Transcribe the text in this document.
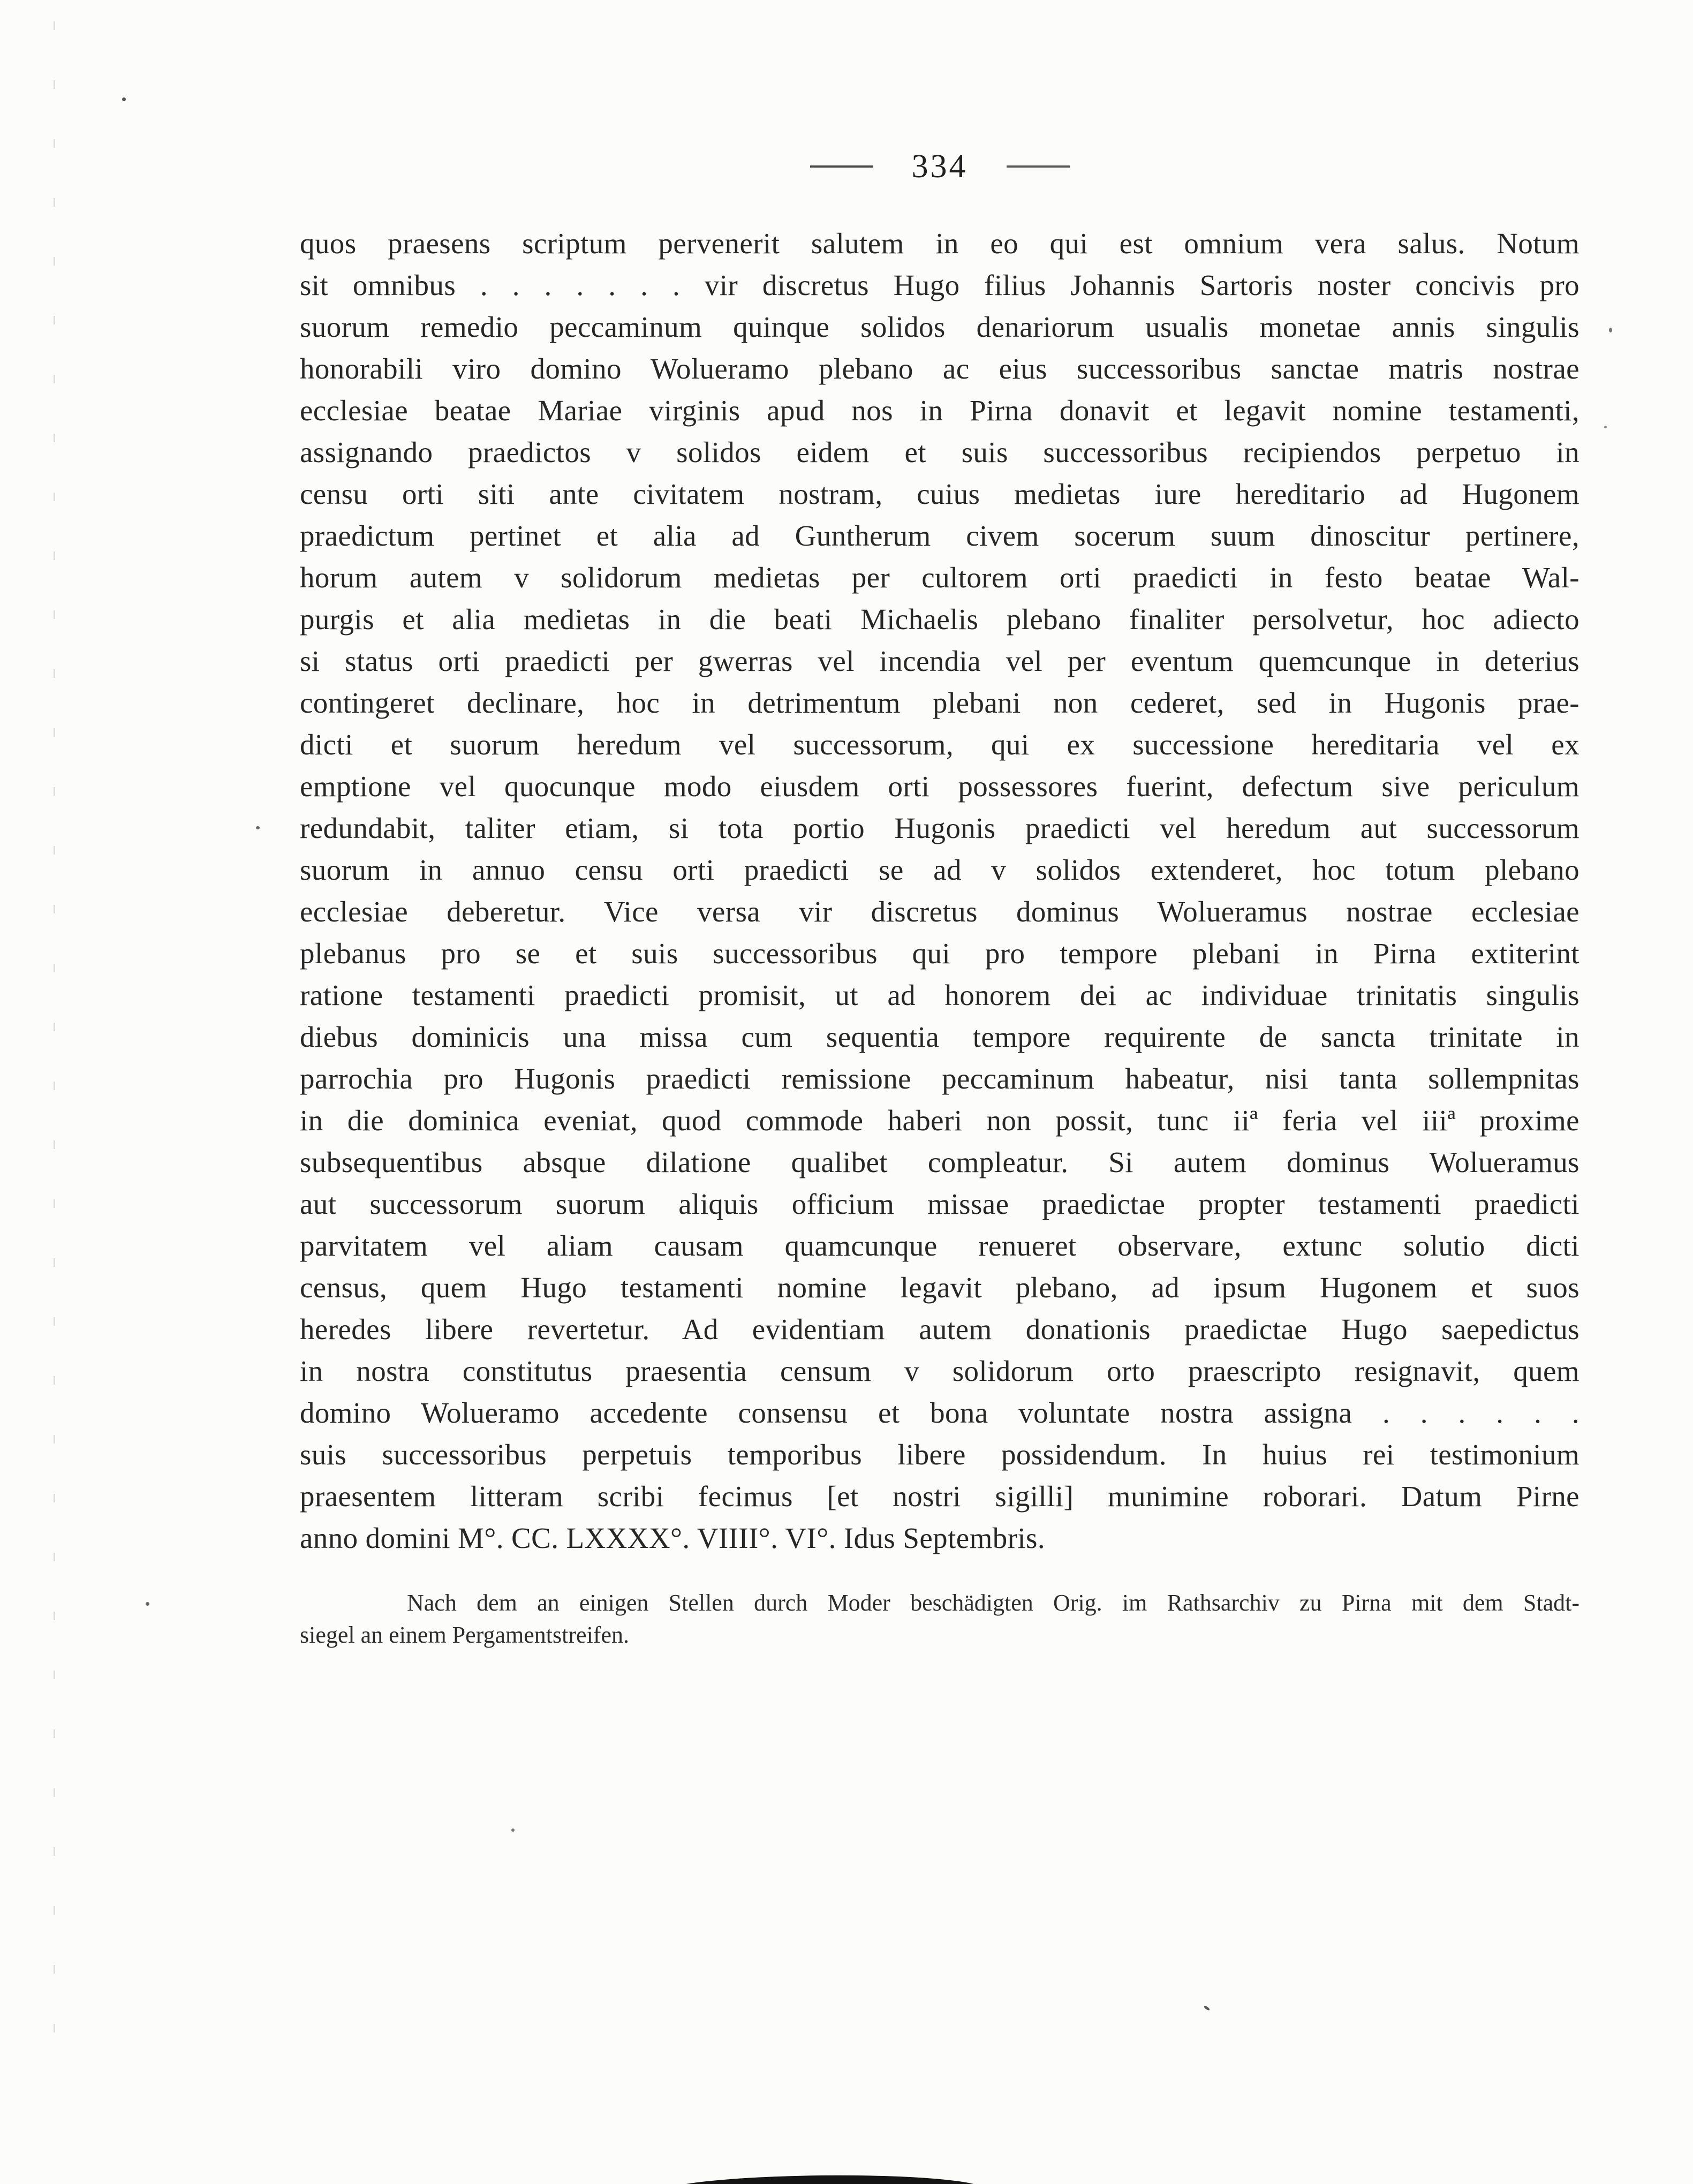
334
quos praesens scriptum pervenerit salutem in eo qui est omnium vera salus. Notum
sit omnibus . . . . . . . vir discretus Hugo filius Johannis Sartoris noster concivis pro
suorum remedio peccaminum quinque solidos denariorum usualis monetae annis singulis
honorabili viro domino Wolueramo plebano ac eius successoribus sanctae matris nostrae
ecclesiae beatae Mariae virginis apud nos in Pirna donavit et legavit nomine testamenti,
assignando praedictos v solidos eidem et suis successoribus recipiendos perpetuo in
censu orti siti ante civitatem nostram, cuius medietas iure hereditario ad Hugonem
praedictum pertinet et alia ad Guntherum civem socerum suum dinoscitur pertinere,
horum autem v solidorum medietas per cultorem orti praedicti in festo beatae Wal-
purgis et alia medietas in die beati Michaelis plebano finaliter persolvetur, hoc adiecto
si status orti praedicti per gwerras vel incendia vel per eventum quemcunque in deterius
contingeret declinare, hoc in detrimentum plebani non cederet, sed in Hugonis prae-
dicti et suorum heredum vel successorum, qui ex successione hereditaria vel ex
emptione vel quocunque modo eiusdem orti possessores fuerint, defectum sive periculum
redundabit, taliter etiam, si tota portio Hugonis praedicti vel heredum aut successorum
suorum in annuo censu orti praedicti se ad v solidos extenderet, hoc totum plebano
ecclesiae deberetur. Vice versa vir discretus dominus Wolueramus nostrae ecclesiae
plebanus pro se et suis successoribus qui pro tempore plebani in Pirna extiterint
ratione testamenti praedicti promisit, ut ad honorem dei ac individuae trinitatis singulis
diebus dominicis una missa cum sequentia tempore requirente de sancta trinitate in
parrochia pro Hugonis praedicti remissione peccaminum habeatur, nisi tanta sollempnitas
in die dominica eveniat, quod commode haberi non possit, tunc iiª feria vel iiiª proxime
subsequentibus absque dilatione qualibet compleatur. Si autem dominus Wolueramus
aut successorum suorum aliquis officium missae praedictae propter testamenti praedicti
parvitatem vel aliam causam quamcunque renueret observare, extunc solutio dicti
census, quem Hugo testamenti nomine legavit plebano, ad ipsum Hugonem et suos
heredes libere revertetur. Ad evidentiam autem donationis praedictae Hugo saepedictus
in nostra constitutus praesentia censum v solidorum orto praescripto resignavit, quem
domino Wolueramo accedente consensu et bona voluntate nostra assigna . . . . . .
suis successoribus perpetuis temporibus libere possidendum. In huius rei testimonium
praesentem litteram scribi fecimus [et nostri sigilli] munimine roborari. Datum Pirne
anno domini M°. CC. LXXXX°. VIIII°. VI°. Idus Septembris.
Nach dem an einigen Stellen durch Moder beschädigten Orig. im Rathsarchiv zu Pirna mit dem Stadt-
siegel an einem Pergamentstreifen.
